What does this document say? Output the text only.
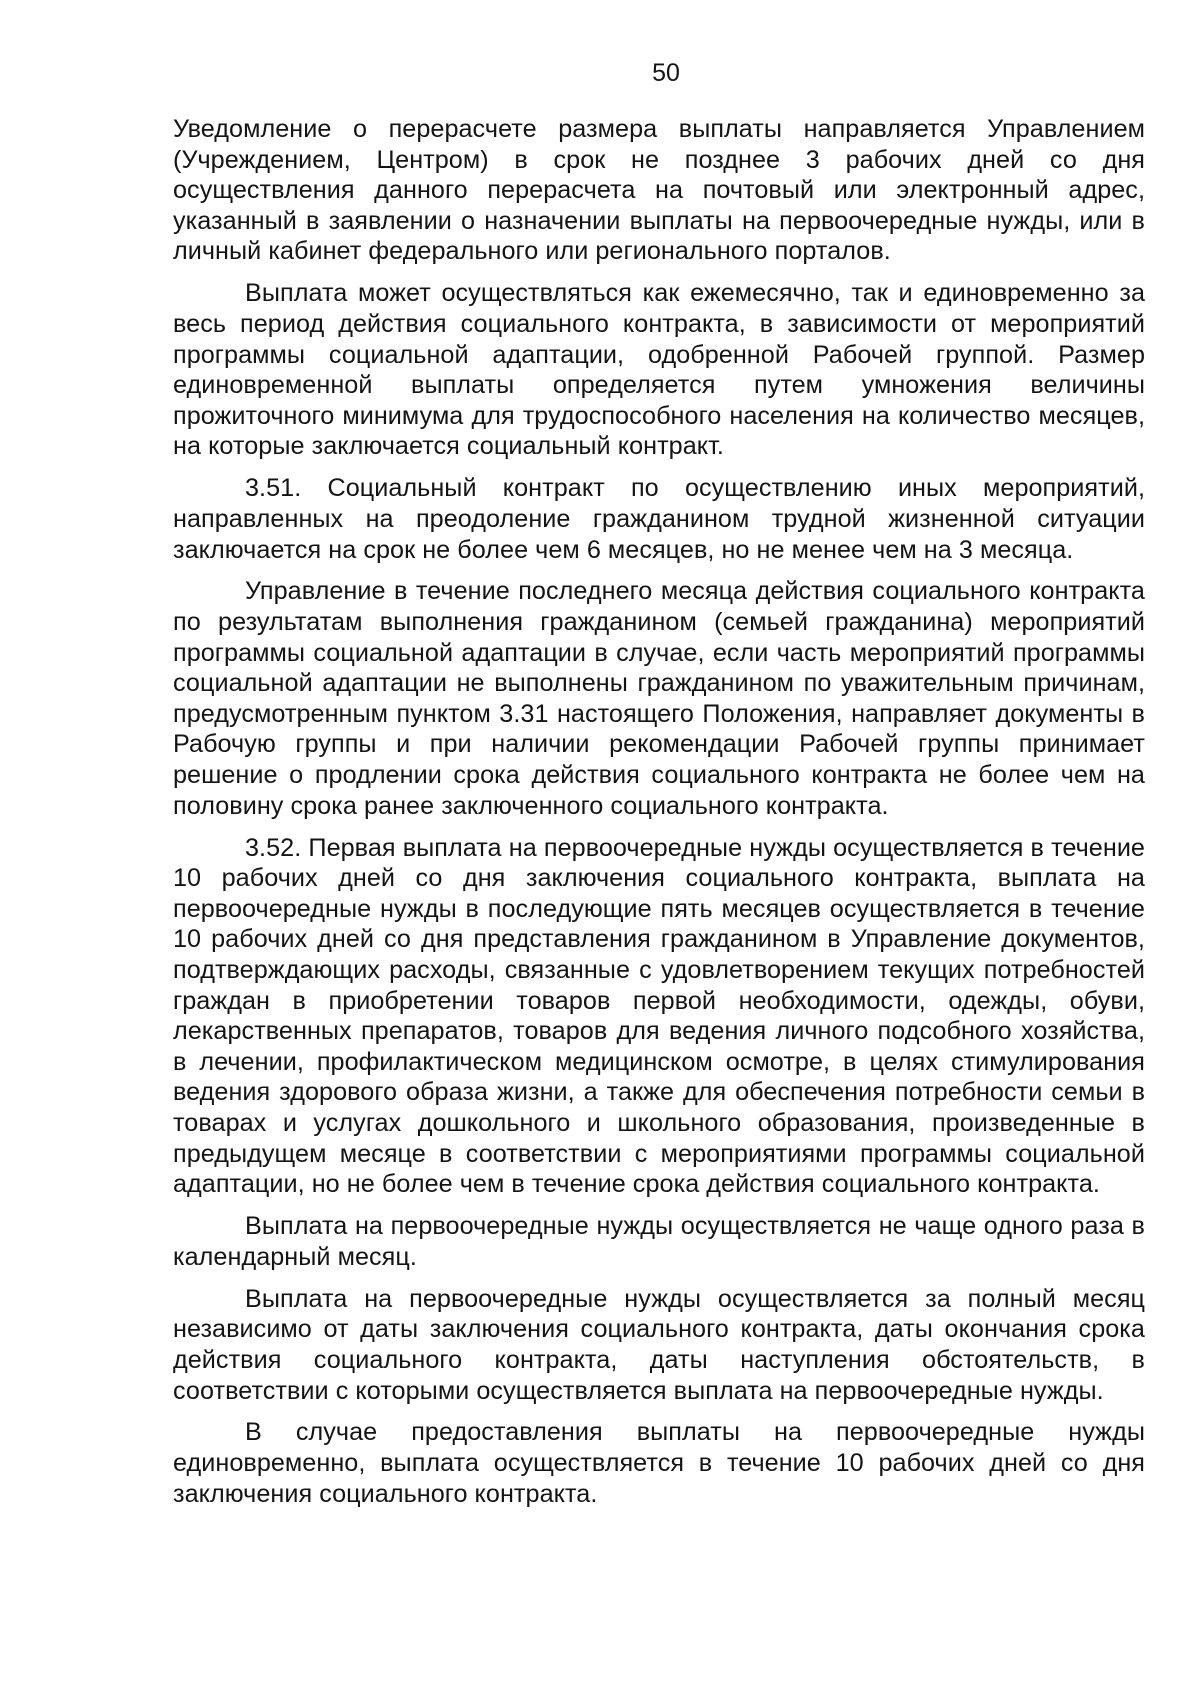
50

Уведомление о перерасчете размера выплаты направляется Управлением (Учреждением, Центром) в срок не позднее 3 рабочих дней со дня осуществления данного перерасчета на почтовый или электронный адрес, указанный в заявлении о назначении выплаты на первоочередные нужды, или в личный кабинет федерального или регионального порталов.

Выплата может осуществляться как ежемесячно, так и единовременно за весь период действия социального контракта, в зависимости от мероприятий программы социальной адаптации, одобренной Рабочей группой. Размер единовременной выплаты определяется путем умножения величины прожиточного минимума для трудоспособного населения на количество месяцев, на которые заключается социальный контракт.

3.51. Социальный контракт по осуществлению иных мероприятий, направленных на преодоление гражданином трудной жизненной ситуации заключается на срок не более чем 6 месяцев, но не менее чем на 3 месяца.

Управление в течение последнего месяца действия социального контракта по результатам выполнения гражданином (семьей гражданина) мероприятий программы социальной адаптации в случае, если часть мероприятий программы социальной адаптации не выполнены гражданином по уважительным причинам, предусмотренным пунктом 3.31 настоящего Положения, направляет документы в Рабочую группы и при наличии рекомендации Рабочей группы принимает решение о продлении срока действия социального контракта не более чем на половину срока ранее заключенного социального контракта.

3.52. Первая выплата на первоочередные нужды осуществляется в течение 10 рабочих дней со дня заключения социального контракта, выплата на первоочередные нужды в последующие пять месяцев осуществляется в течение 10 рабочих дней со дня представления гражданином в Управление документов, подтверждающих расходы, связанные с удовлетворением текущих потребностей граждан в приобретении товаров первой необходимости, одежды, обуви, лекарственных препаратов, товаров для ведения личного подсобного хозяйства, в лечении, профилактическом медицинском осмотре, в целях стимулирования ведения здорового образа жизни, а также для обеспечения потребности семьи в товарах и услугах дошкольного и школьного образования, произведенные в предыдущем месяце в соответствии с мероприятиями программы социальной адаптации, но не более чем в течение срока действия социального контракта.

Выплата на первоочередные нужды осуществляется не чаще одного раза в календарный месяц.

Выплата на первоочередные нужды осуществляется за полный месяц независимо от даты заключения социального контракта, даты окончания срока действия социального контракта, даты наступления обстоятельств, в соответствии с которыми осуществляется выплата на первоочередные нужды.

В случае предоставления выплаты на первоочередные нужды единовременно, выплата осуществляется в течение 10 рабочих дней со дня заключения социального контракта.
